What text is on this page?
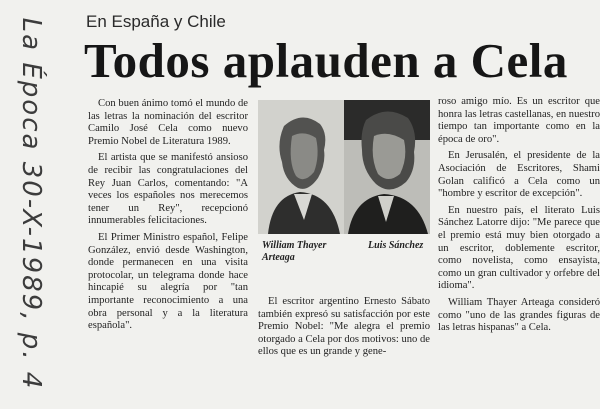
La Época 30-X-1989, p. 4 En España y Chile
Todos aplauden a Cela

Con buen ánimo tomó el mundo de las letras la nominación del escritor Camilo José Cela como nuevo Premio Nobel de Literatura 1989.

El artista que se manifestó ansioso de recibir las congratulaciones del Rey Juan Carlos, comentando: "A veces los españoles nos merecemos tener un Rey", recepcionó innumerables felicitaciones.

El Primer Ministro español, Felipe González, envió desde Washington, donde permanecen en una visita protocolar, un telegrama donde hace hincapié su alegría por "tan importante reconocimiento a una obra personal y a la literatura española".

William Thayer Arteaga
Luis Sánchez

El escritor argentino Ernesto Sábato también expresó su satisfacción por este Premio Nobel: "Me alegra el premio otorgado a Cela por dos motivos: uno de ellos que es un grande y gene-

roso amigo mío. Es un escritor que honra las letras castellanas, en nuestro tiempo tan importante como en la época de oro".

En Jerusalén, el presidente de la Asociación de Escritores, Shami Golan calificó a Cela como un "hombre y escritor de excepción".

En nuestro país, el literato Luis Sánchez Latorre dijo: "Me parece que el premio está muy bien otorgado a un escritor, doblemente escritor, como novelista, como ensayista, como un gran cultivador y orfebre del idioma".

William Thayer Arteaga consideró como "uno de las grandes figuras de las letras hispanas" a Cela.
